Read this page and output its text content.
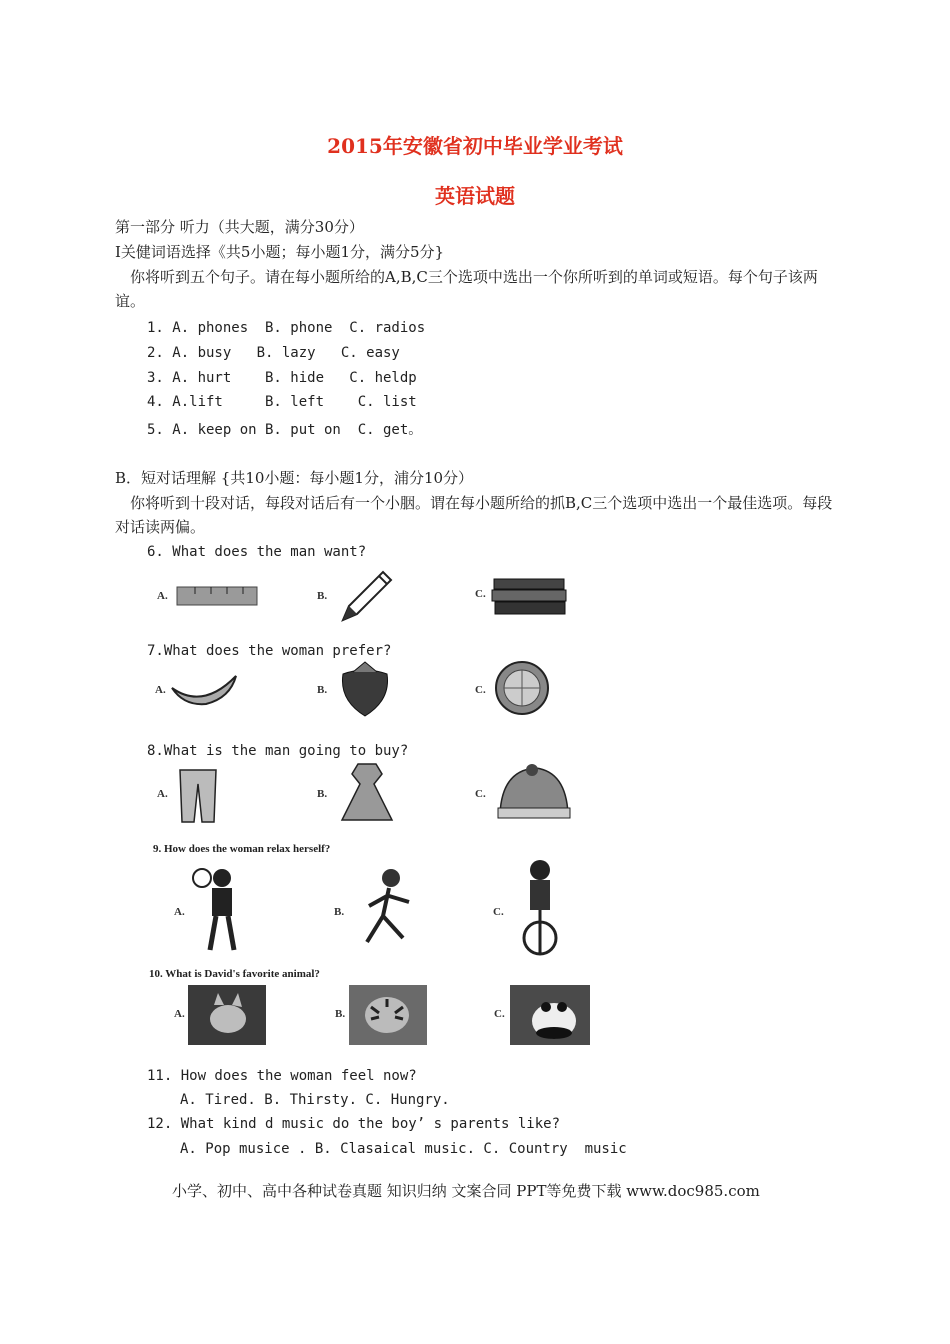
2015年安徽省初中毕业学业考试
英语试题
第一部分 听力（共大题，满分30分）
I关健词语选择《共5小题；每小题1分，满分5分}
你将听到五个句子。请在每小题所给的A,B,C三个选项中选出一个你所听到的单词或短语。每个句子该两谊。
1. A. phones  B. phone  C. radios
2. A. busy   B. lazy   C. easy
3. A. hurt    B. hide   C. heldp
4. A.lift     B. left    C. list
5. A. keep on B. put on  C. get。
B．短对话理解 {共10小题：每小题1分，浦分10分）
你将听到十段对话，每段对话后有一个小胭。谓在每小题所给的抓B,C三个选项中选出一个最佳选项。每段对话读两偏。
6. What does the man want?
A.	B.	C.
7.What does the woman prefer?
A.	B.	C.
8.What is the man going to buy?
A.	B.	C.
9. How does the woman relax herself?
A.	B.	C.
10. What is David's favorite animal?
A.	B.	C.
11. How does the woman feel now?
A. Tired. B. Thirsty. C. Hungry.
12. What kind d music do the boy’ s parents like?
A. Pop musice . B. Clasaical music. C. Country  music
小学、初中、高中各种试卷真题 知识归纳 文案合同 PPT等免费下载 www.doc985.com
